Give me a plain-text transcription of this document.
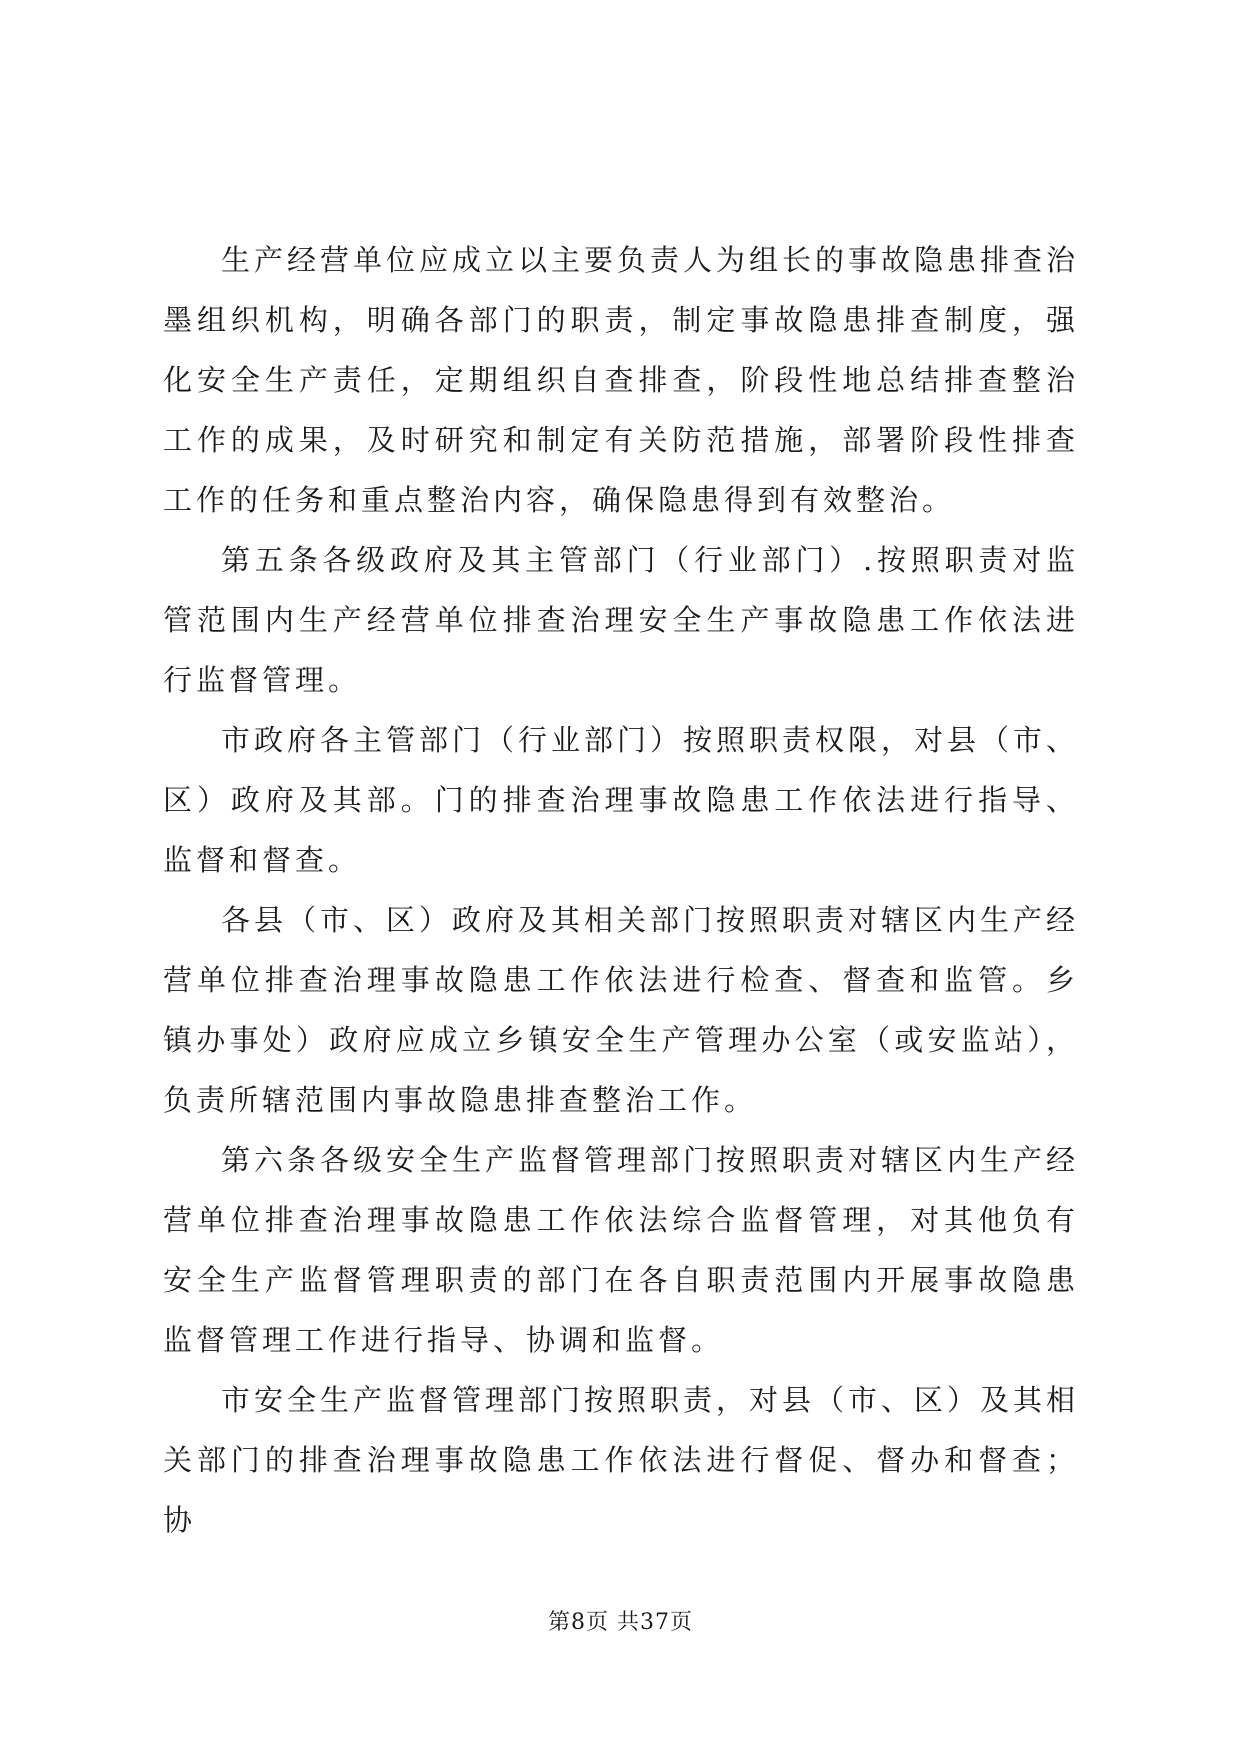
生产经营单位应成立以主要负责人为组长的事故隐患排查治墨组织机构，明确各部门的职责，制定事故隐患排查制度，强化安全生产责任，定期组织自查排查，阶段性地总结排查整治工作的成果，及时研究和制定有关防范措施，部署阶段性排查工作的任务和重点整治内容，确保隐患得到有效整治。

第五条各级政府及其主管部门（行业部门）.按照职责对监管范围内生产经营单位排查治理安全生产事故隐患工作依法进行监督管理。

市政府各主管部门（行业部门）按照职责权限，对县（市、区）政府及其部。门的排查治理事故隐患工作依法进行指导、监督和督查。

各县（市、区）政府及其相关部门按照职责对辖区内生产经营单位排查治理事故隐患工作依法进行检查、督查和监管。乡镇办事处）政府应成立乡镇安全生产管理办公室（或安监站），负责所辖范围内事故隐患排查整治工作。

第六条各级安全生产监督管理部门按照职责对辖区内生产经营单位排查治理事故隐患工作依法综合监督管理，对其他负有安全生产监督管理职责的部门在各自职责范围内开展事故隐患监督管理工作进行指导、协调和监督。

市安全生产监督管理部门按照职责，对县（市、区）及其相关部门的排查治理事故隐患工作依法进行督促、督办和督查；协

第8页 共37页
